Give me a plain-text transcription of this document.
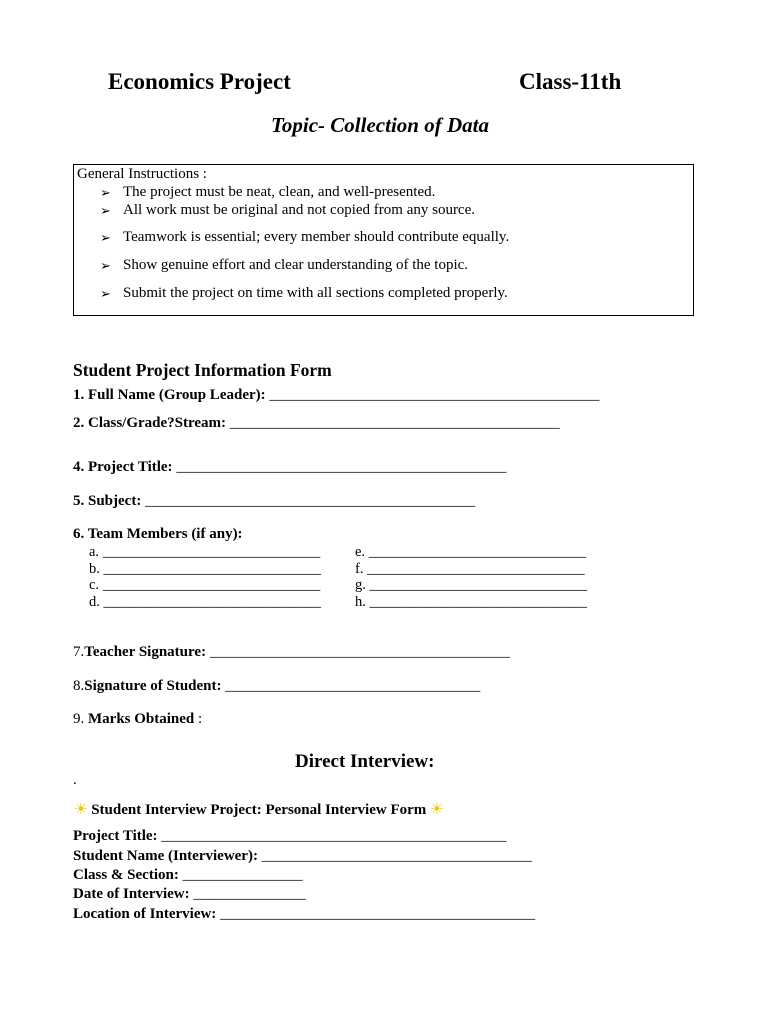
Economics Project	Class-11th
Topic- Collection of Data
General Instructions :
➢ The project must be neat, clean, and well-presented.
➢ All work must be original and not copied from any source.
➢ Teamwork is essential; every member should contribute equally.
➢ Show genuine effort and clear understanding of the topic.
➢ Submit the project on time with all sections completed properly.
Student Project Information Form
1. Full Name (Group Leader): ____________________________________________
2. Class/Grade?Stream: ____________________________________________
4. Project Title: ____________________________________________
5. Subject: ____________________________________________
6. Team Members (if any):
a. ______________________________
b. ______________________________
c. ______________________________
d. ______________________________
e. ______________________________
f. ______________________________
g. ______________________________
h. ______________________________
7.Teacher Signature: ________________________________________
8.Signature of Student: __________________________________
9. Marks Obtained :
Direct Interview:
.
☀ Student Interview Project: Personal Interview Form ☀
Project Title: ______________________________________________
Student Name (Interviewer): ____________________________________
Class & Section: ________________
Date of Interview: _______________
Location of Interview: __________________________________________
